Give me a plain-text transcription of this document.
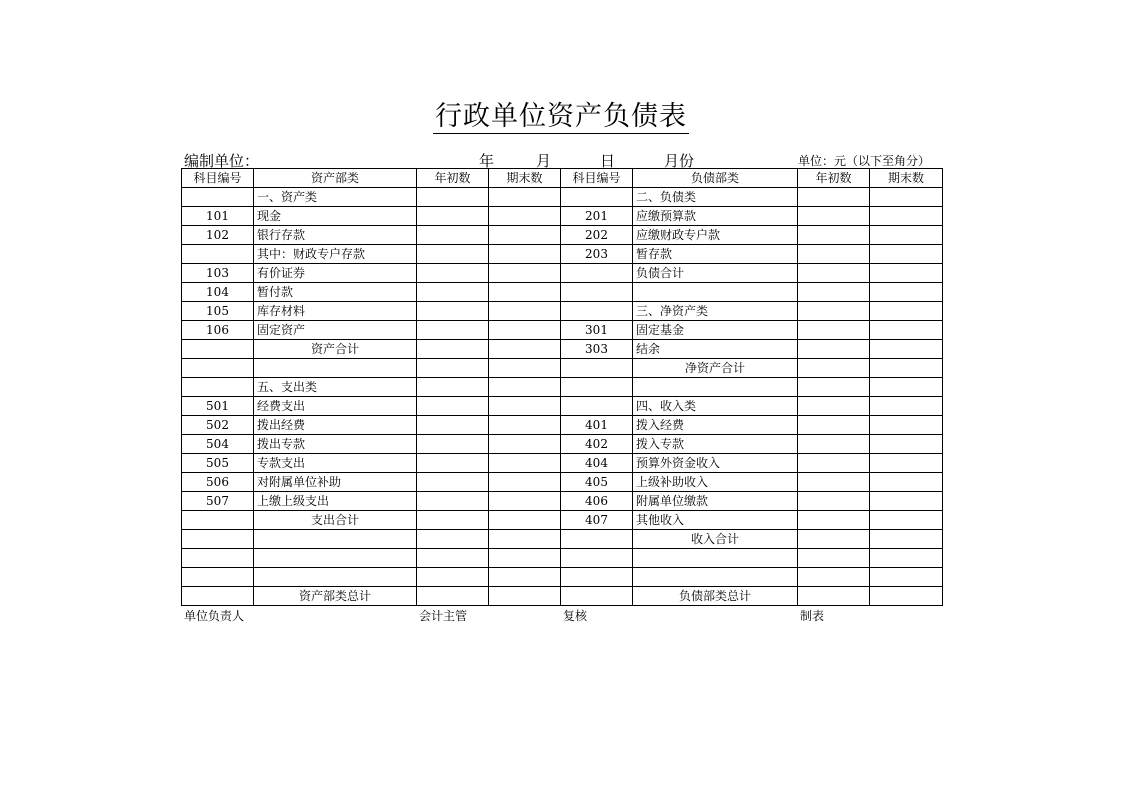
行政单位资产负债表
编制单位：	年	月	日	月份	单位：元（以下至角分）
科目编号	资产部类	年初数	期末数	科目编号	负债部类	年初数	期末数
	一、资产类				二、负债类		
101	现金			201	应缴预算款		
102	银行存款			202	应缴财政专户款		
	其中：财政专户存款			203	暂存款		
103	有价证券				负债合计		
104	暂付款						
105	库存材料				三、净资产类		
106	固定资产			301	固定基金		
	资产合计			303	结余		
					净资产合计		
	五、支出类						
501	经费支出				四、收入类		
502	拨出经费			401	拨入经费		
504	拨出专款			402	拨入专款		
505	专款支出			404	预算外资金收入		
506	对附属单位补助			405	上级补助收入		
507	上缴上级支出			406	附属单位缴款		
	支出合计			407	其他收入		
					收入合计		

	资产部类总计				负债部类总计		
单位负责人	会计主管	复核	制表
